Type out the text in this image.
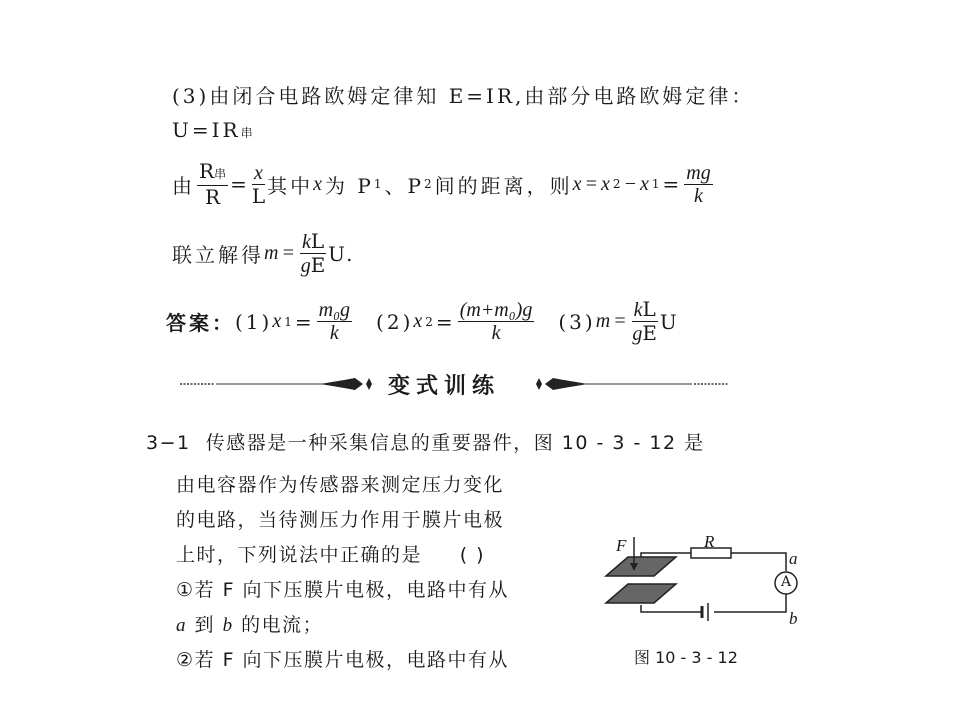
(3)由闭合电路欧姆定律知 E=IR,由部分电路欧姆定律：
U=IR串
由 $\frac{\text{R串}}{R} = \frac{x}{L}$ 其中 x 为 P 1 、P 2 间的距离，则 x=x 2 −x $1 = \frac{mg}{k}$
联立解得 $m= \frac{kL}{gE} U$.
答案： (1) x $1 = \frac{\text{m₀g}}{k} (2)$ x $2 = \frac{\text{(m+m₀)g}}{k} (3)$ $m= \frac{kL}{gE}$ U
变式训练
3−1 传感器是一种采集信息的重要器件，图 10 - 3 - 12 是
由电容器作为传感器来测定压力变化
的电路，当待测压力作用于膜片电极
上时，下列说法中正确的是 ( )
①若 F 向下压膜片电极，电路中有从
a 到 b 的电流；
②若 F 向下压膜片电极，电路中有从
F	R
a
b
A
图 10 - 3 - 12
